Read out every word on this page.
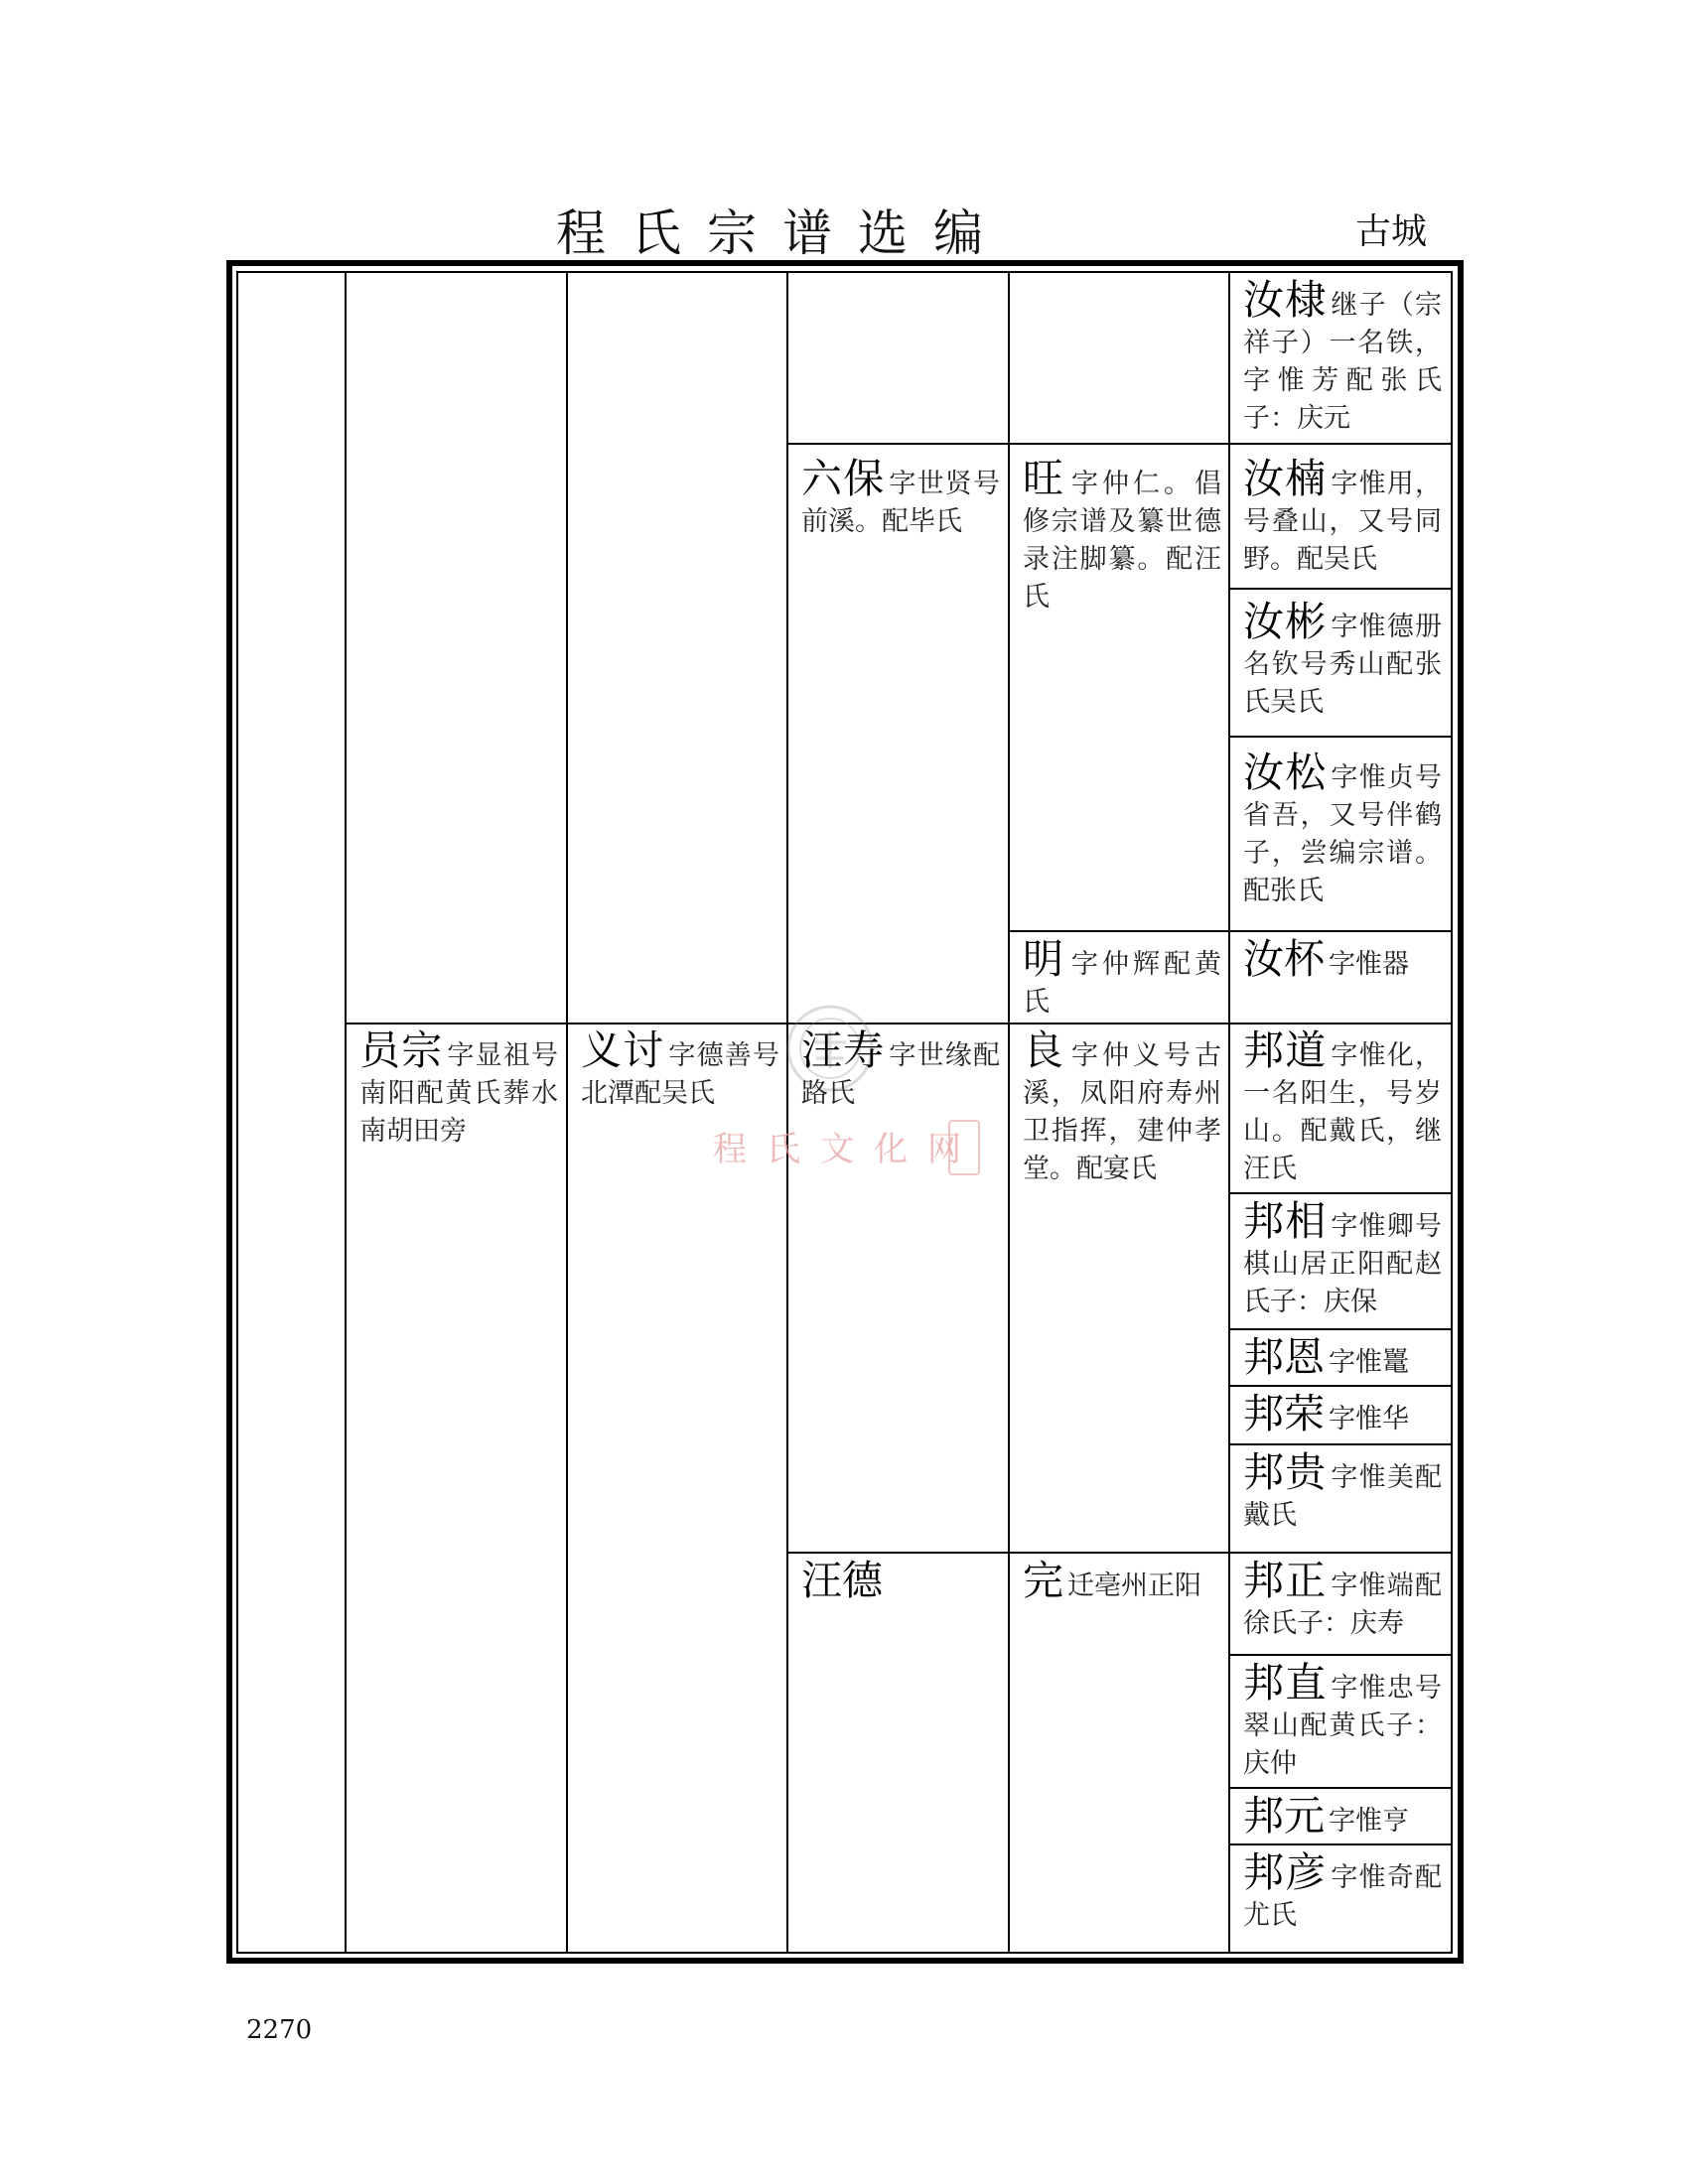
程氏宗谱选编	古城
程氏文化网
员宗 字显祖号南阳配黄氏葬水南胡田旁
义讨 字德善号北潭配吴氏
六保 字世贤号前溪。配毕氏
汪寿 字世缘配路氏
汪德
旺字仲仁。倡修宗谱及纂世德录注脚纂。配汪氏
明字仲辉配黄氏
良字仲义号古溪，凤阳府寿州卫指挥，建仲孝堂。配宴氏
完迁亳州正阳
汝棣 继子（宗祥子）一名铁，字惟芳配张氏子：庆元
汝楠 字惟用，号叠山，又号同野。配吴氏
汝彬 字惟德册名钦号秀山配张氏吴氏
汝松 字惟贞号省吾，又号伴鹤子，尝编宗谱。配张氏
汝杯 字惟器
邦道 字惟化，一名阳生，号岁山。配戴氏，继汪氏
邦相 字惟卿号棋山居正阳配赵氏子：庆保
邦恩 字惟鼍
邦荣 字惟华
邦贵 字惟美配戴氏
邦正 字惟端配徐氏子：庆寿
邦直 字惟忠号翠山配黄氏子：庆仲
邦元 字惟亨
邦彦 字惟奇配尤氏
2270
